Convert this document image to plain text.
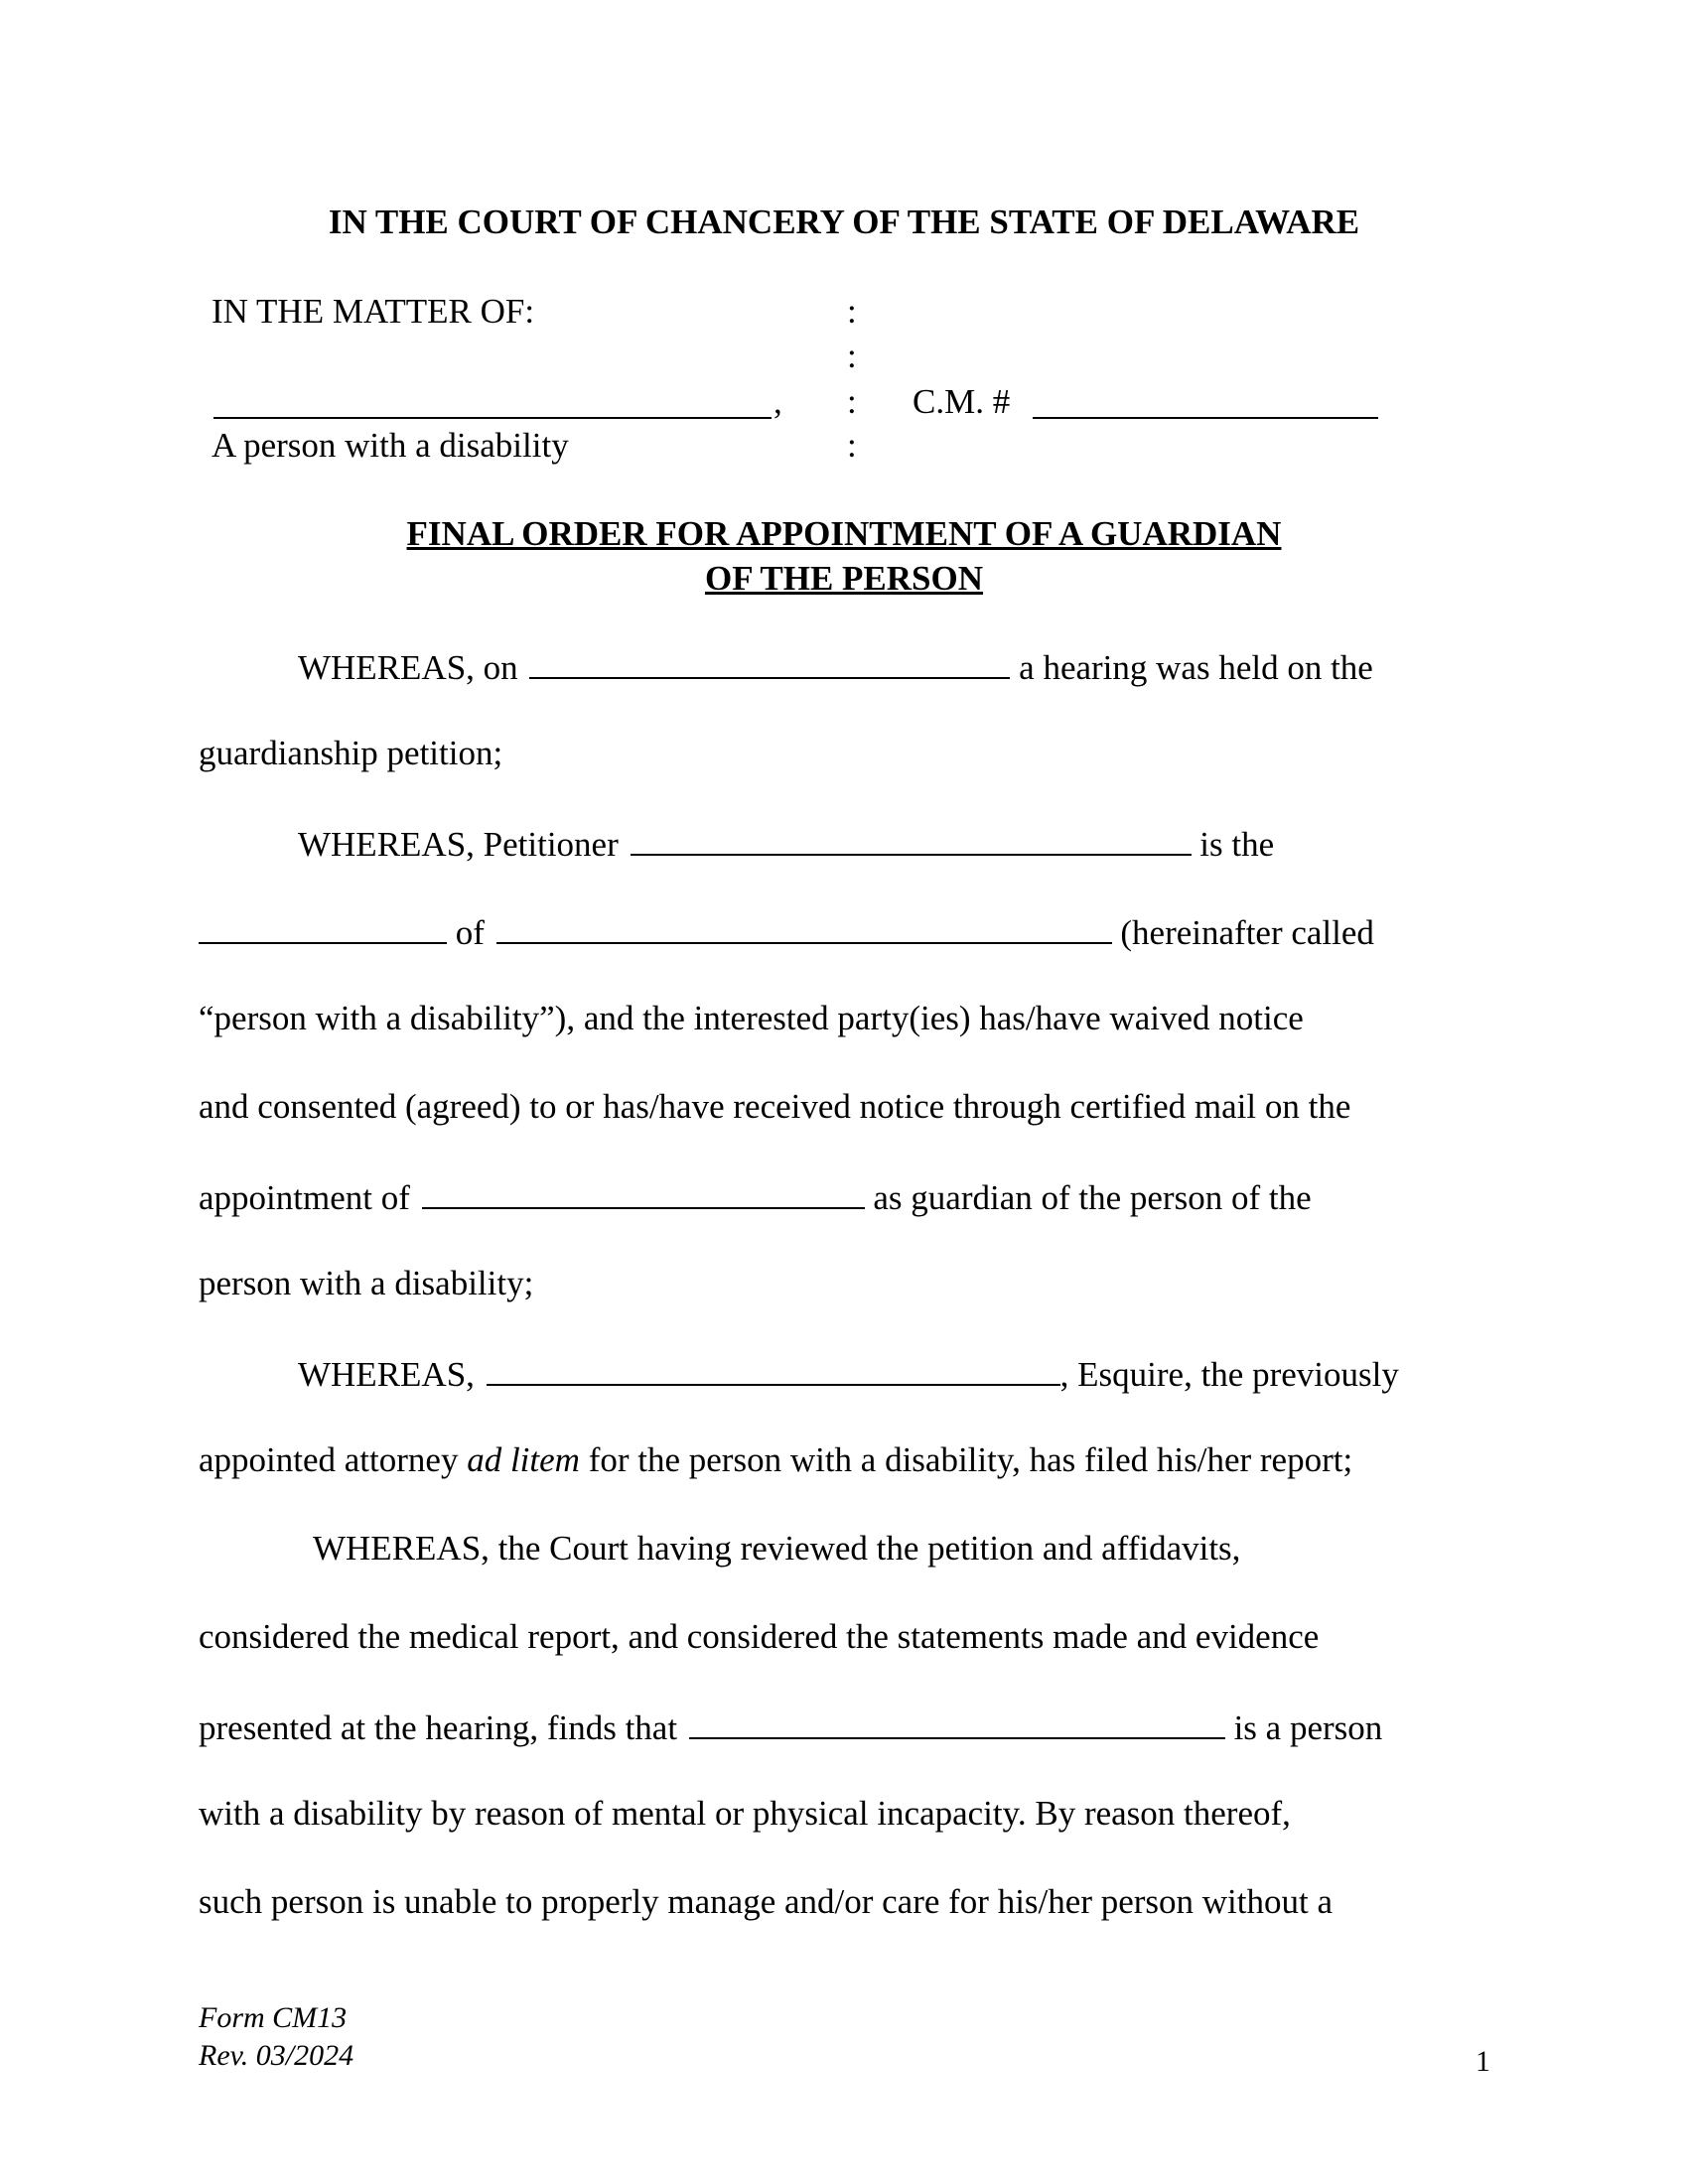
IN THE COURT OF CHANCERY OF THE STATE OF DELAWARE
IN THE MATTER OF:	:
:
, : C.M. #
A person with a disability	:
FINAL ORDER FOR APPOINTMENT OF A GUARDIAN
OF THE PERSON
WHEREAS, on	a hearing was held on the
guardianship petition;
WHEREAS, Petitioner	is the
of	(hereinafter called
“person with a disability”), and the interested party(ies) has/have waived notice
and consented (agreed) to or has/have received notice through certified mail on the
appointment of	as guardian of the person of the
person with a disability;
WHEREAS,	, Esquire, the previously
appointed attorney ad litem for the person with a disability, has filed his/her report;
WHEREAS, the Court having reviewed the petition and affidavits,
considered the medical report, and considered the statements made and evidence
presented at the hearing, finds that	is a person
with a disability by reason of mental or physical incapacity. By reason thereof,
such person is unable to properly manage and/or care for his/her person without a
Form CM13
Rev. 03/2024	1
